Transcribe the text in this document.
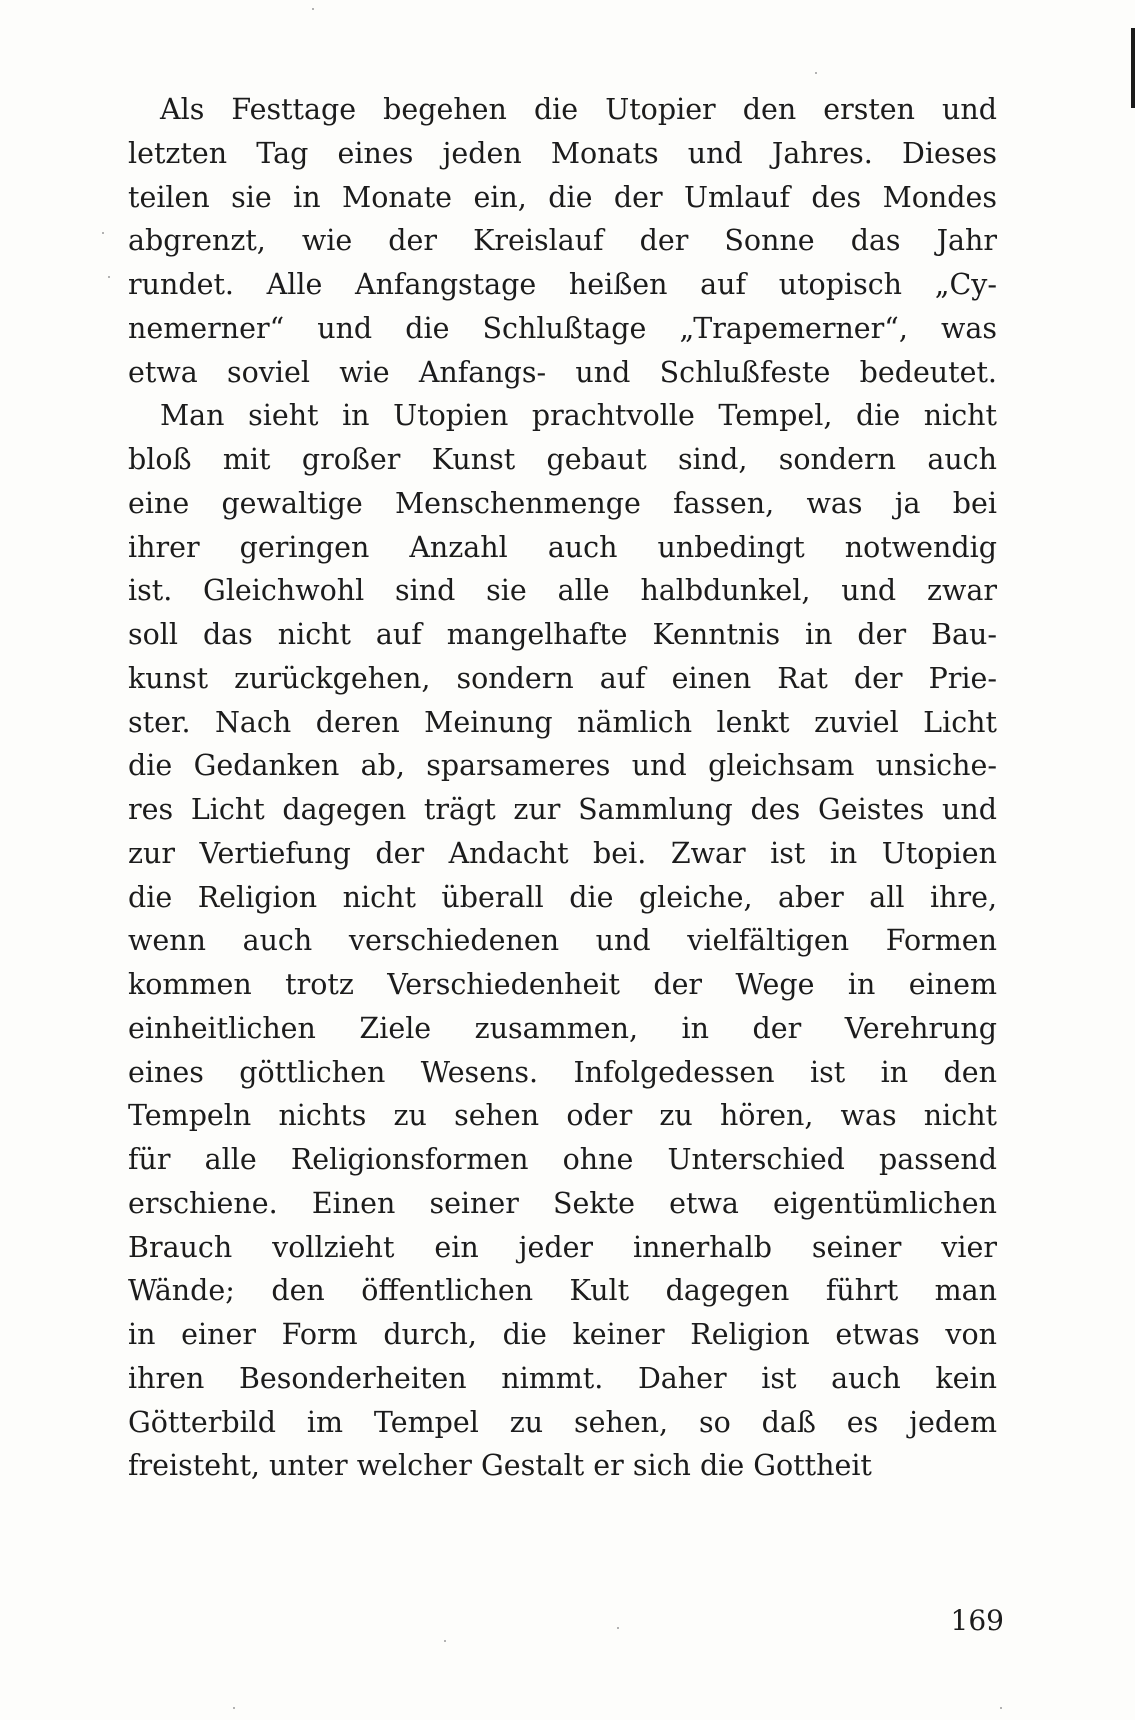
Als Festtage begehen die Utopier den ersten und
letzten Tag eines jeden Monats und Jahres. Dieses
teilen sie in Monate ein, die der Umlauf des Mondes
abgrenzt, wie der Kreislauf der Sonne das Jahr
rundet. Alle Anfangstage heißen auf utopisch „Cy-
nemerner“ und die Schlußtage „Trapemerner“, was
etwa soviel wie Anfangs- und Schlußfeste bedeutet.
Man sieht in Utopien prachtvolle Tempel, die nicht
bloß mit großer Kunst gebaut sind, sondern auch
eine gewaltige Menschenmenge fassen, was ja bei
ihrer geringen Anzahl auch unbedingt notwendig
ist. Gleichwohl sind sie alle halbdunkel, und zwar
soll das nicht auf mangelhafte Kenntnis in der Bau-
kunst zurückgehen, sondern auf einen Rat der Prie-
ster. Nach deren Meinung nämlich lenkt zuviel Licht
die Gedanken ab, sparsameres und gleichsam unsiche-
res Licht dagegen trägt zur Sammlung des Geistes und
zur Vertiefung der Andacht bei. Zwar ist in Utopien
die Religion nicht überall die gleiche, aber all ihre,
wenn auch verschiedenen und vielfältigen Formen
kommen trotz Verschiedenheit der Wege in einem
einheitlichen Ziele zusammen, in der Verehrung
eines göttlichen Wesens. Infolgedessen ist in den
Tempeln nichts zu sehen oder zu hören, was nicht
für alle Religionsformen ohne Unterschied passend
erschiene. Einen seiner Sekte etwa eigentümlichen
Brauch vollzieht ein jeder innerhalb seiner vier
Wände; den öffentlichen Kult dagegen führt man
in einer Form durch, die keiner Religion etwas von
ihren Besonderheiten nimmt. Daher ist auch kein
Götterbild im Tempel zu sehen, so daß es jedem
freisteht, unter welcher Gestalt er sich die Gottheit
169
